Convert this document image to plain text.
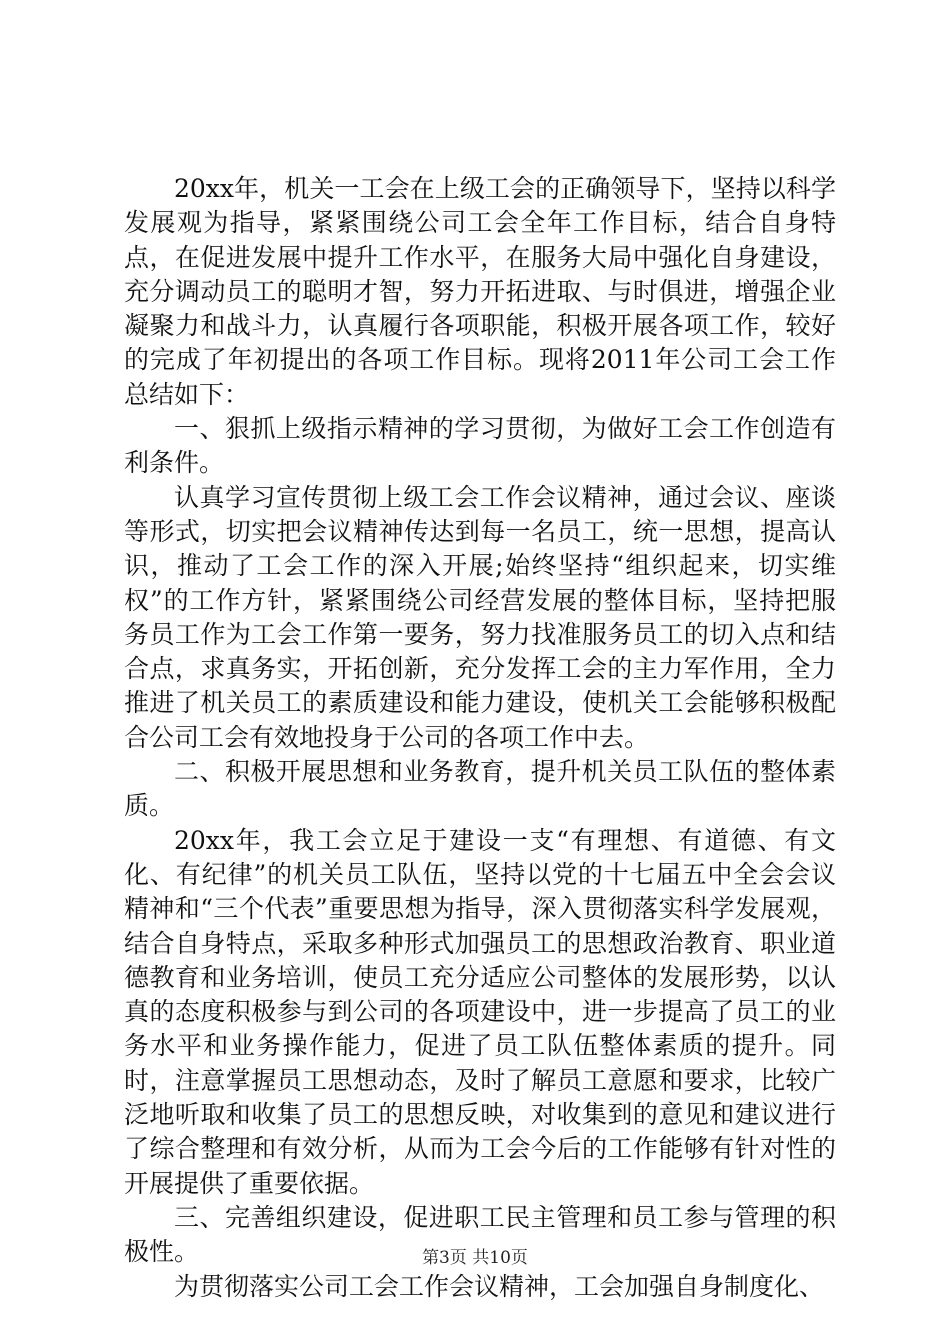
20xx年，机关一工会在上级工会的正确领导下，坚持以科学发展观为指导，紧紧围绕公司工会全年工作目标，结合自身特点，在促进发展中提升工作水平，在服务大局中强化自身建设，充分调动员工的聪明才智，努力开拓进取、与时俱进，增强企业凝聚力和战斗力，认真履行各项职能，积极开展各项工作，较好的完成了年初提出的各项工作目标。现将2011年公司工会工作总结如下：

一、狠抓上级指示精神的学习贯彻，为做好工会工作创造有利条件。

认真学习宣传贯彻上级工会工作会议精神，通过会议、座谈等形式，切实把会议精神传达到每一名员工，统一思想，提高认识，推动了工会工作的深入开展;始终坚持“组织起来，切实维权”的工作方针，紧紧围绕公司经营发展的整体目标，坚持把服务员工作为工会工作第一要务，努力找准服务员工的切入点和结合点，求真务实，开拓创新，充分发挥工会的主力军作用，全力推进了机关员工的素质建设和能力建设，使机关工会能够积极配合公司工会有效地投身于公司的各项工作中去。

二、积极开展思想和业务教育，提升机关员工队伍的整体素质。

20xx年，我工会立足于建设一支“有理想、有道德、有文化、有纪律”的机关员工队伍，坚持以党的十七届五中全会会议精神和“三个代表”重要思想为指导，深入贯彻落实科学发展观，结合自身特点，采取多种形式加强员工的思想政治教育、职业道德教育和业务培训，使员工充分适应公司整体的发展形势，以认真的态度积极参与到公司的各项建设中，进一步提高了员工的业务水平和业务操作能力，促进了员工队伍整体素质的提升。同时，注意掌握员工思想动态，及时了解员工意愿和要求，比较广泛地听取和收集了员工的思想反映，对收集到的意见和建议进行了综合整理和有效分析，从而为工会今后的工作能够有针对性的开展提供了重要依据。

三、完善组织建设，促进职工民主管理和员工参与管理的积极性。

为贯彻落实公司工会工作会议精神，工会加强自身制度化、

第3页 共10页
